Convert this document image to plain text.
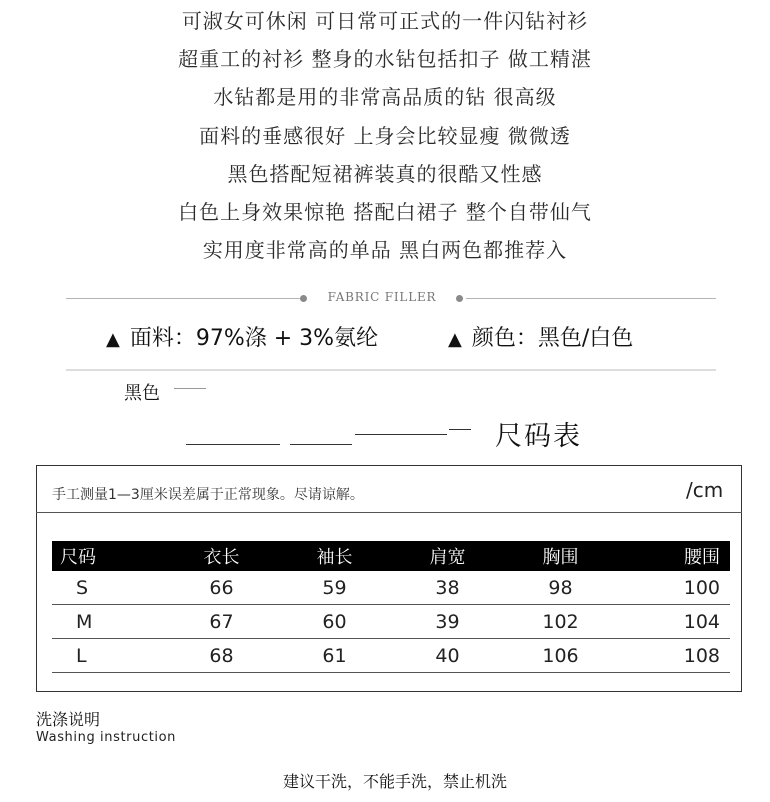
可淑女可休闲 可日常可正式的一件闪钻衬衫
超重工的衬衫 整身的水钻包括扣子 做工精湛
水钻都是用的非常高品质的钻 很高级
面料的垂感很好 上身会比较显瘦 微微透
黑色搭配短裙裤装真的很酷又性感
白色上身效果惊艳 搭配白裙子 整个自带仙气
实用度非常高的单品 黑白两色都推荐入
FABRIC FILLER
▲ 面料：97%涤 + 3%氨纶	▲ 颜色：黑色/白色
黑色
尺码表
手工测量1—3厘米误差属于正常现象。尽请谅解。	/cm
尺码	衣长	袖长	肩宽	胸围	腰围
S	66	59	38	98	100
M	67	60	39	102	104
L	68	61	40	106	108
洗涤说明
Washing instruction
建议干洗，不能手洗，禁止机洗
